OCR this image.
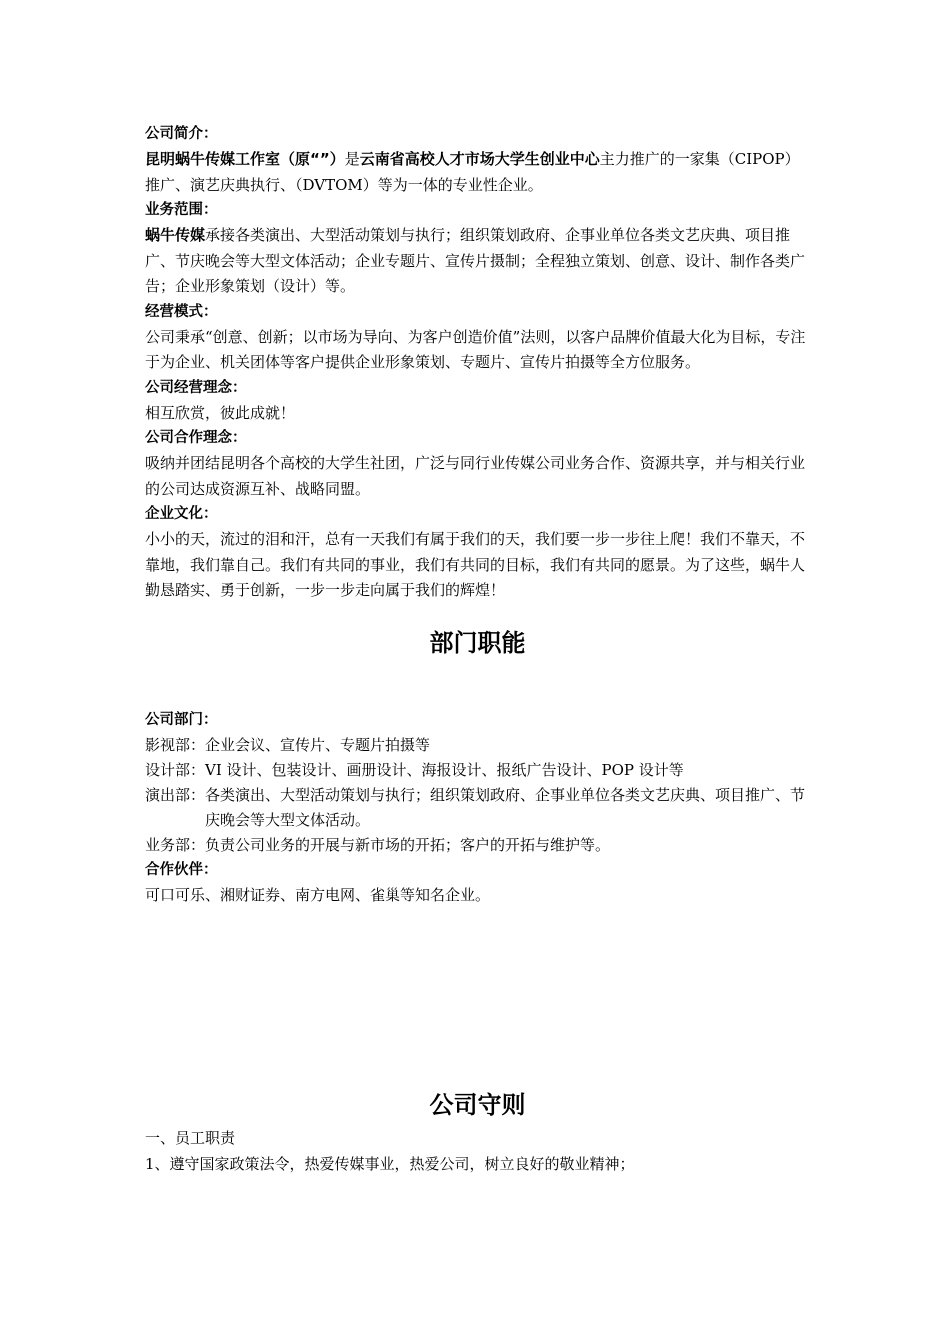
公司简介：
昆明蜗牛传媒工作室（原“”）是云南省高校人才市场大学生创业中心主力推广的一家集（CIPOP）推广、演艺庆典执行、（DVTOM）等为一体的专业性企业。
业务范围：
蜗牛传媒承接各类演出、大型活动策划与执行；组织策划政府、企事业单位各类文艺庆典、项目推广、节庆晚会等大型文体活动；企业专题片、宣传片摄制；全程独立策划、创意、设计、制作各类广告；企业形象策划（设计）等。
经营模式：
公司秉承“创意、创新；以市场为导向、为客户创造价值”法则，以客户品牌价值最大化为目标，专注于为企业、机关团体等客户提供企业形象策划、专题片、宣传片拍摄等全方位服务。
公司经营理念：
相互欣赏，彼此成就！
公司合作理念：
吸纳并团结昆明各个高校的大学生社团，广泛与同行业传媒公司业务合作、资源共享，并与相关行业的公司达成资源互补、战略同盟。
企业文化：
小小的天，流过的泪和汗，总有一天我们有属于我们的天，我们要一步一步往上爬！我们不靠天，不靠地，我们靠自己。我们有共同的事业，我们有共同的目标，我们有共同的愿景。为了这些，蜗牛人勤恳踏实、勇于创新，一步一步走向属于我们的辉煌！
部门职能
公司部门：
影视部： 企业会议、宣传片、专题片拍摄等
设计部： VI 设计、包装设计、画册设计、海报设计、报纸广告设计、POP 设计等
演出部： 各类演出、大型活动策划与执行；组织策划政府、企事业单位各类文艺庆典、项目推广、节庆晚会等大型文体活动。
业务部： 负责公司业务的开展与新市场的开拓；客户的开拓与维护等。
合作伙伴：
可口可乐、湘财证券、南方电网、雀巢等知名企业。
公司守则
一、员工职责
1、遵守国家政策法令，热爱传媒事业，热爱公司，树立良好的敬业精神；
